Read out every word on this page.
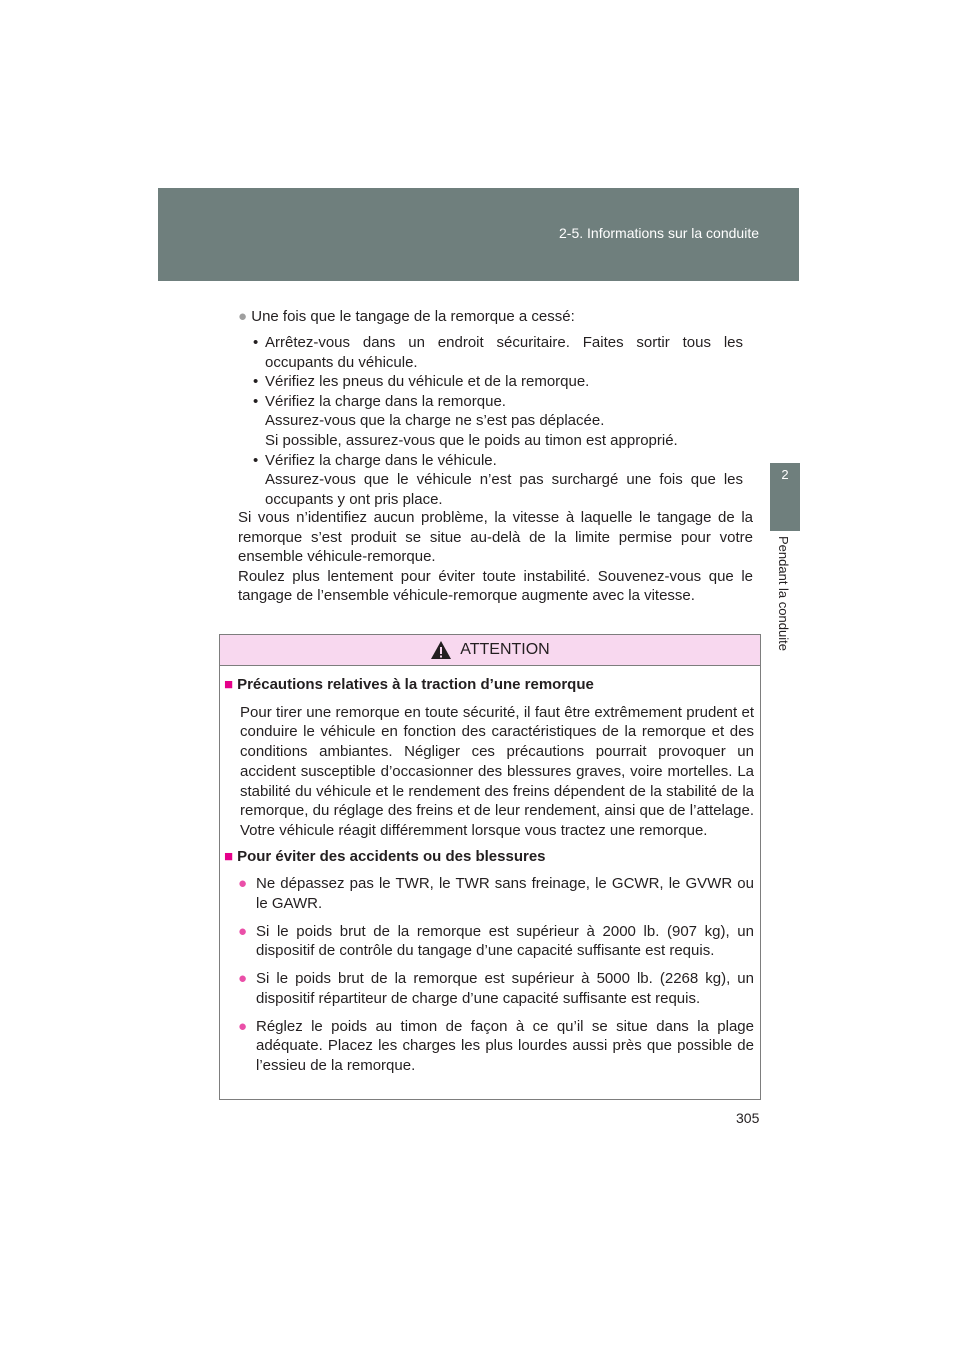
2-5. Informations sur la conduite
2
Pendant la conduite
● Une fois que le tangage de la remorque a cessé:
• Arrêtez-vous dans un endroit sécuritaire. Faites sortir tous les occupants du véhicule.
• Vérifiez les pneus du véhicule et de la remorque.
• Vérifiez la charge dans la remorque.
Assurez-vous que la charge ne s’est pas déplacée.
Si possible, assurez-vous que le poids au timon est approprié.
• Vérifiez la charge dans le véhicule.
Assurez-vous que le véhicule n’est pas surchargé une fois que les occupants y ont pris place.

Si vous n’identifiez aucun problème, la vitesse à laquelle le tangage de la remorque s’est produit se situe au-delà de la limite permise pour votre ensemble véhicule-remorque.

Roulez plus lentement pour éviter toute instabilité. Souvenez-vous que le tangage de l’ensemble véhicule-remorque augmente avec la vitesse.

ATTENTION
■ Précautions relatives à la traction d’une remorque

Pour tirer une remorque en toute sécurité, il faut être extrêmement prudent et conduire le véhicule en fonction des caractéristiques de la remorque et des conditions ambiantes. Négliger ces précautions pourrait provoquer un accident susceptible d’occasionner des blessures graves, voire mortelles. La stabilité du véhicule et le rendement des freins dépendent de la stabilité de la remorque, du réglage des freins et de leur rendement, ainsi que de l’attelage. Votre véhicule réagit différemment lorsque vous tractez une remorque.

■ Pour éviter des accidents ou des blessures
● Ne dépassez pas le TWR, le TWR sans freinage, le GCWR, le GVWR ou le GAWR.
● Si le poids brut de la remorque est supérieur à 2000 lb. (907 kg), un dispositif de contrôle du tangage d’une capacité suffisante est requis.
● Si le poids brut de la remorque est supérieur à 5000 lb. (2268 kg), un dispositif répartiteur de charge d’une capacité suffisante est requis.
● Réglez le poids au timon de façon à ce qu’il se situe dans la plage adéquate. Placez les charges les plus lourdes aussi près que possible de l’essieu de la remorque.
305
